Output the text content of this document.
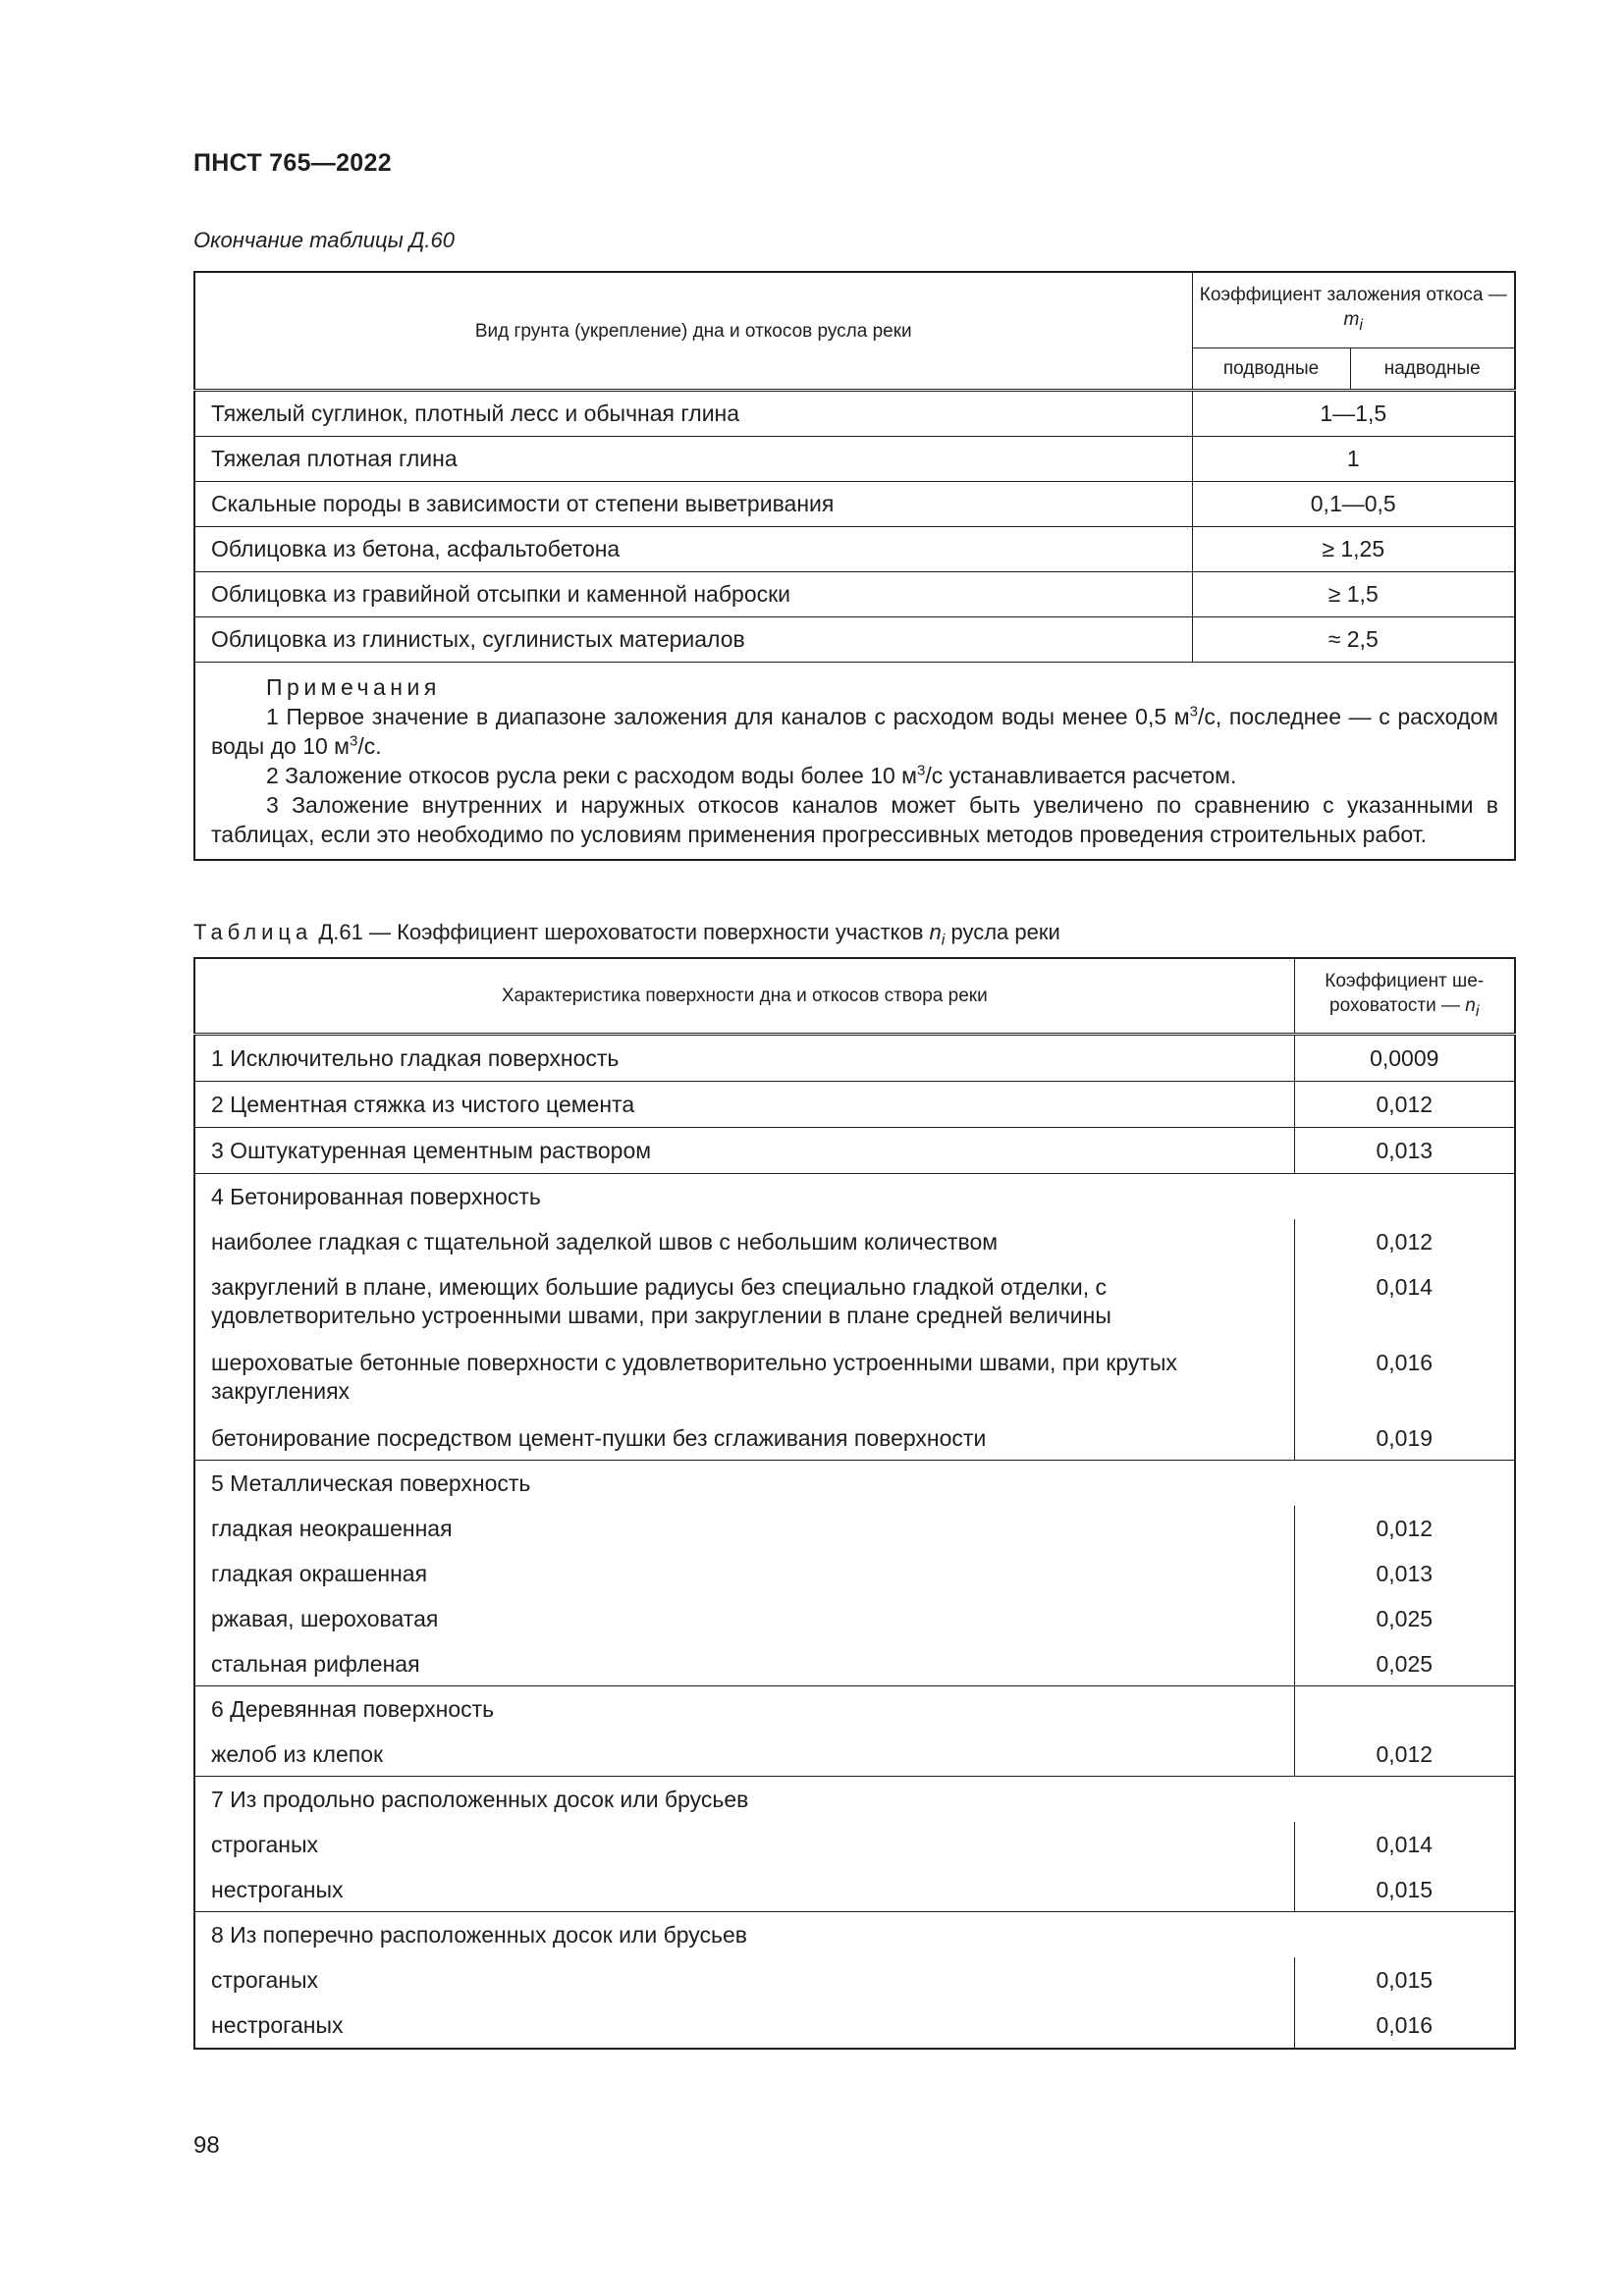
ПНСТ 765—2022
Окончание таблицы Д.60
Вид грунта (укрепление) дна и откосов русла реки	Коэффициент заложения откоса — $m_i$
	подводные	надводные
Тяжелый суглинок, плотный лесс и обычная глина	1—1,5	
Тяжелая плотная глина	1	
Скальные породы в зависимости от степени выветривания	0,1—0,5	
Облицовка из бетона, асфальтобетона	≥ 1,25	
Облицовка из гравийной отсыпки и каменной наброски	≥ 1,5	
Облицовка из глинистых, суглинистых материалов	≈ 2,5	

Примечания

1 Первое значение в диапазоне заложения для каналов с расходом воды менее 0,5 $м^3/с$, последнее — с расходом воды до 10 $м^3/с$.

2 Заложение откосов русла реки с расходом воды более 10 $м^3/с$ устанавливается расчетом.

3 Заложение внутренних и наружных откосов каналов может быть увеличено по сравнению с указанными в таблицах, если это необходимо по условиям применения прогрессивных методов проведения строительных работ.		

Таблица Д.61 — Коэффициент шероховатости поверхности участков $n_i$ русла реки
Характеристика поверхности дна и откосов створа реки	Коэффициент ше-
роховатости — $n_i$
1 Исключительно гладкая поверхность	0,0009
2 Цементная стяжка из чистого цемента	0,012
3 Оштукатуренная цементным раствором	0,013
4 Бетонированная поверхность	
наиболее гладкая с тщательной заделкой швов с небольшим количеством	0,012
закруглений в плане, имеющих большие радиусы без специально гладкой отделки, с удовлетворительно устроенными швами, при закруглении в плане средней величины	0,014
шероховатые бетонные поверхности с удовлетворительно устроенными швами, при крутых закруглениях	0,016
бетонирование посредством цемент-пушки без сглаживания поверхности	0,019
5 Металлическая поверхность	
гладкая неокрашенная	0,012
гладкая окрашенная	0,013
ржавая, шероховатая	0,025
стальная рифленая	0,025
6 Деревянная поверхность	
желоб из клепок	0,012
7 Из продольно расположенных досок или брусьев	
строганых	0,014
нестроганых	0,015
8 Из поперечно расположенных досок или брусьев	
строганых	0,015
нестроганых	0,016
98
